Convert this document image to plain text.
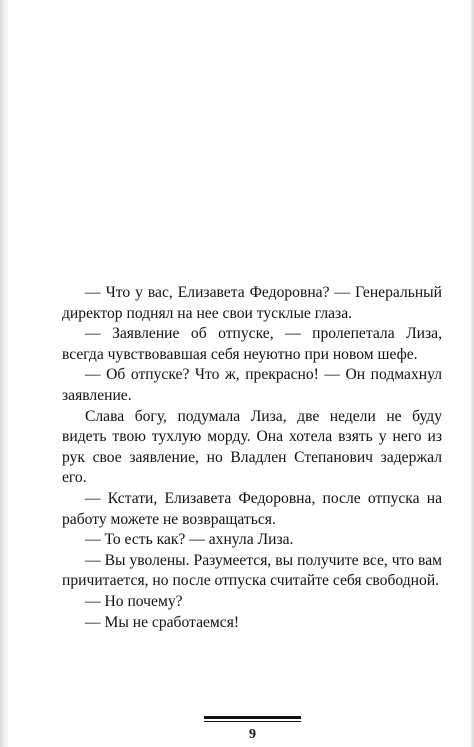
— Что у вас, Елизавета Федоровна? — Генеральный директор поднял на нее свои тусклые глаза.

— Заявление об отпуске, — пролепетала Лиза, всегда чувствовавшая себя неуютно при новом шефе.

— Об отпуске? Что ж, прекрасно! — Он подмахнул заявление.

Слава богу, подумала Лиза, две недели не буду видеть твою тухлую морду. Она хотела взять у него из рук свое заявление, но Владлен Степанович задержал его.

— Кстати, Елизавета Федоровна, после отпуска на работу можете не возвращаться.

— То есть как? — ахнула Лиза.

— Вы уволены. Разумеется, вы получите все, что вам причитается, но после отпуска считайте себя свободной.

— Но почему?

— Мы не сработаемся!

9
